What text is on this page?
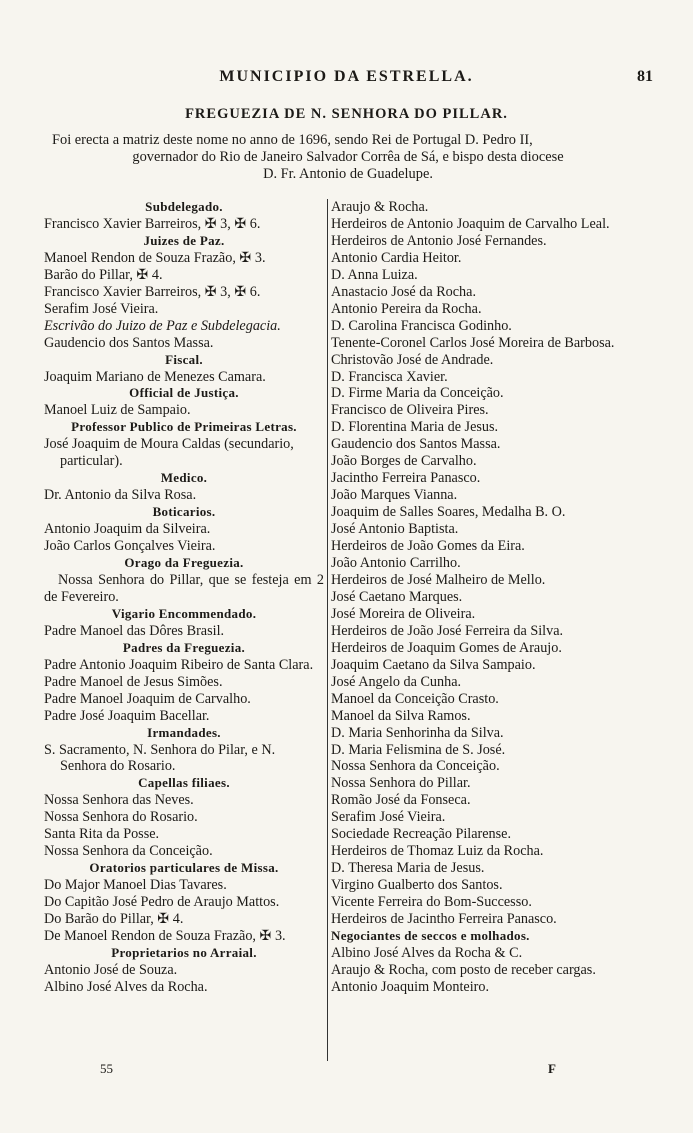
MUNICIPIO DA ESTRELLA.	81
FREGUEZIA DE N. SENHORA DO PILLAR.
Foi erecta a matriz deste nome no anno de 1696, sendo Rei de Portugal D. Pedro II,
governador do Rio de Janeiro Salvador Corrêa de Sá, e bispo desta diocese
D. Fr. Antonio de Guadelupe.
Subdelegado.
Francisco Xavier Barreiros, ✠ 3, ✠ 6.
Juizes de Paz.
Manoel Rendon de Souza Frazão, ✠ 3.
Barão do Pillar, ✠ 4.
Francisco Xavier Barreiros, ✠ 3, ✠ 6.
Serafim José Vieira.
Escrivão do Juizo de Paz e Subdelegacia.
Gaudencio dos Santos Massa.
Fiscal.
Joaquim Mariano de Menezes Camara.
Official de Justiça.
Manoel Luiz de Sampaio.
Professor Publico de Primeiras Letras.
José Joaquim de Moura Caldas (secundario, particular).
Medico.
Dr. Antonio da Silva Rosa.
Boticarios.
Antonio Joaquim da Silveira.
João Carlos Gonçalves Vieira.
Orago da Freguezia.
Nossa Senhora do Pillar, que se festeja em 2 de Fevereiro.
Vigario Encommendado.
Padre Manoel das Dôres Brasil.
Padres da Freguezia.
Padre Antonio Joaquim Ribeiro de Santa Clara.
Padre Manoel de Jesus Simões.
Padre Manoel Joaquim de Carvalho.
Padre José Joaquim Bacellar.
Irmandades.
S. Sacramento, N. Senhora do Pilar, e N. Senhora do Rosario.
Capellas filiaes.
Nossa Senhora das Neves.
Nossa Senhora do Rosario.
Santa Rita da Posse.
Nossa Senhora da Conceição.
Oratorios particulares de Missa.
Do Major Manoel Dias Tavares.
Do Capitão José Pedro de Araujo Mattos.
Do Barão do Pillar, ✠ 4.
De Manoel Rendon de Souza Frazão, ✠ 3.
Proprietarios no Arraial.
Antonio José de Souza.
Albino José Alves da Rocha.
Araujo & Rocha.
Herdeiros de Antonio Joaquim de Carvalho Leal.
Herdeiros de Antonio José Fernandes.
Antonio Cardia Heitor.
D. Anna Luiza.
Anastacio José da Rocha.
Antonio Pereira da Rocha.
D. Carolina Francisca Godinho.
Tenente-Coronel Carlos José Moreira de Barbosa.
Christovão José de Andrade.
D. Francisca Xavier.
D. Firme Maria da Conceição.
Francisco de Oliveira Pires.
D. Florentina Maria de Jesus.
Gaudencio dos Santos Massa.
João Borges de Carvalho.
Jacintho Ferreira Panasco.
João Marques Vianna.
Joaquim de Salles Soares, Medalha B. O.
José Antonio Baptista.
Herdeiros de João Gomes da Eira.
João Antonio Carrilho.
Herdeiros de José Malheiro de Mello.
José Caetano Marques.
José Moreira de Oliveira.
Herdeiros de João José Ferreira da Silva.
Herdeiros de Joaquim Gomes de Araujo.
Joaquim Caetano da Silva Sampaio.
José Angelo da Cunha.
Manoel da Conceição Crasto.
Manoel da Silva Ramos.
D. Maria Senhorinha da Silva.
D. Maria Felismina de S. José.
Nossa Senhora da Conceição.
Nossa Senhora do Pillar.
Romão José da Fonseca.
Serafim José Vieira.
Sociedade Recreação Pilarense.
Herdeiros de Thomaz Luiz da Rocha.
D. Theresa Maria de Jesus.
Virgino Gualberto dos Santos.
Vicente Ferreira do Bom-Successo.
Herdeiros de Jacintho Ferreira Panasco.
Negociantes de seccos e molhados.
Albino José Alves da Rocha & C.
Araujo & Rocha, com posto de receber cargas.
Antonio Joaquim Monteiro.
55	F
